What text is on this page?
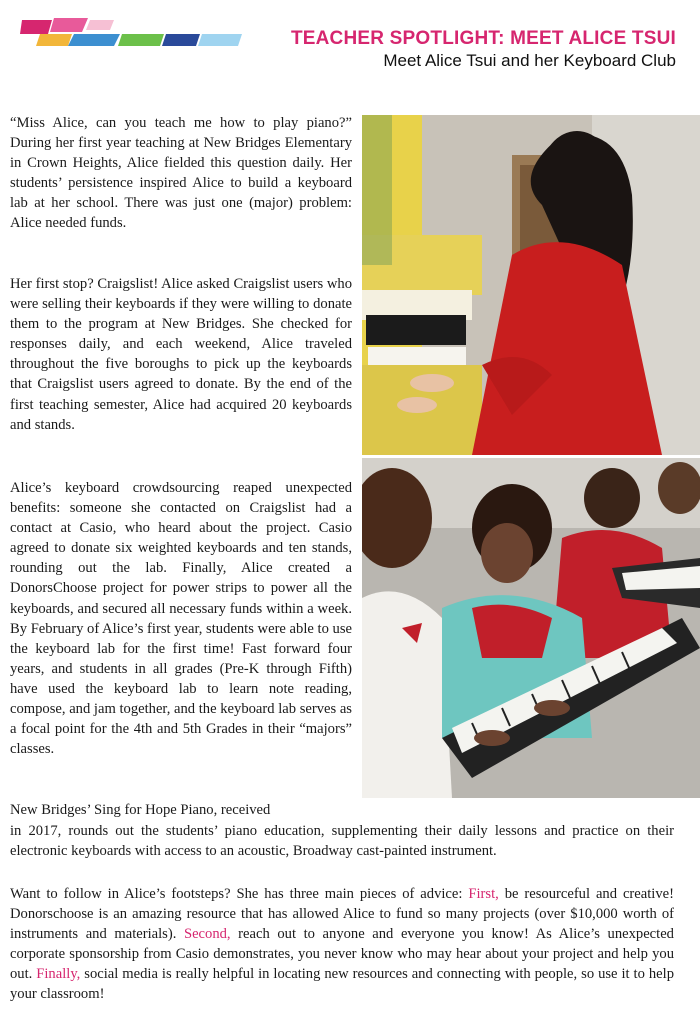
TEACHER SPOTLIGHT: MEET ALICE TSUI
Meet Alice Tsui and her Keyboard Club

“Miss Alice, can you teach me how to play piano?” During her first year teaching at New Bridges Elementary in Crown Heights, Alice fielded this question daily. Her students’ persistence inspired Alice to build a keyboard lab at her school. There was just one (major) problem: Alice needed funds.

Her first stop? Craigslist! Alice asked Craigslist users who were selling their keyboards if they were willing to donate them to the program at New Bridges. She checked for responses daily, and each weekend, Alice traveled throughout the five boroughs to pick up the keyboards that Craigslist users agreed to donate. By the end of the first teaching semester, Alice had acquired 20 keyboards and stands.

Alice’s keyboard crowdsourcing reaped unexpected benefits: someone she contacted on Craigslist had a contact at Casio, who heard about the project. Casio agreed to donate six weighted keyboards and ten stands, rounding out the lab. Finally, Alice created a DonorsChoose project for power strips to power all the keyboards, and secured all necessary funds within a week. By February of Alice’s first year, students were able to use the keyboard lab for the first time! Fast forward four years, and students in all grades (Pre-K through Fifth) have used the keyboard lab to learn note reading, compose, and jam together, and the keyboard lab serves as a focal point for the 4th and 5th Grades in their “majors” classes.

New Bridges’ Sing for Hope Piano, received

in 2017, rounds out the students’ piano education, supplementing their daily lessons and practice on their electronic keyboards with access to an acoustic, Broadway cast-painted instrument.

Want to follow in Alice’s footsteps? She has three main pieces of advice: First, be resourceful and creative! Donorschoose is an amazing resource that has allowed Alice to fund so many projects (over $10,000 worth of instruments and materials). Second, reach out to anyone and everyone you know! As Alice’s unexpected corporate sponsorship from Casio demonstrates, you never know who may hear about your project and help you out. Finally, social media is really helpful in locating new resources and connecting with people, so use it to help your classroom!
